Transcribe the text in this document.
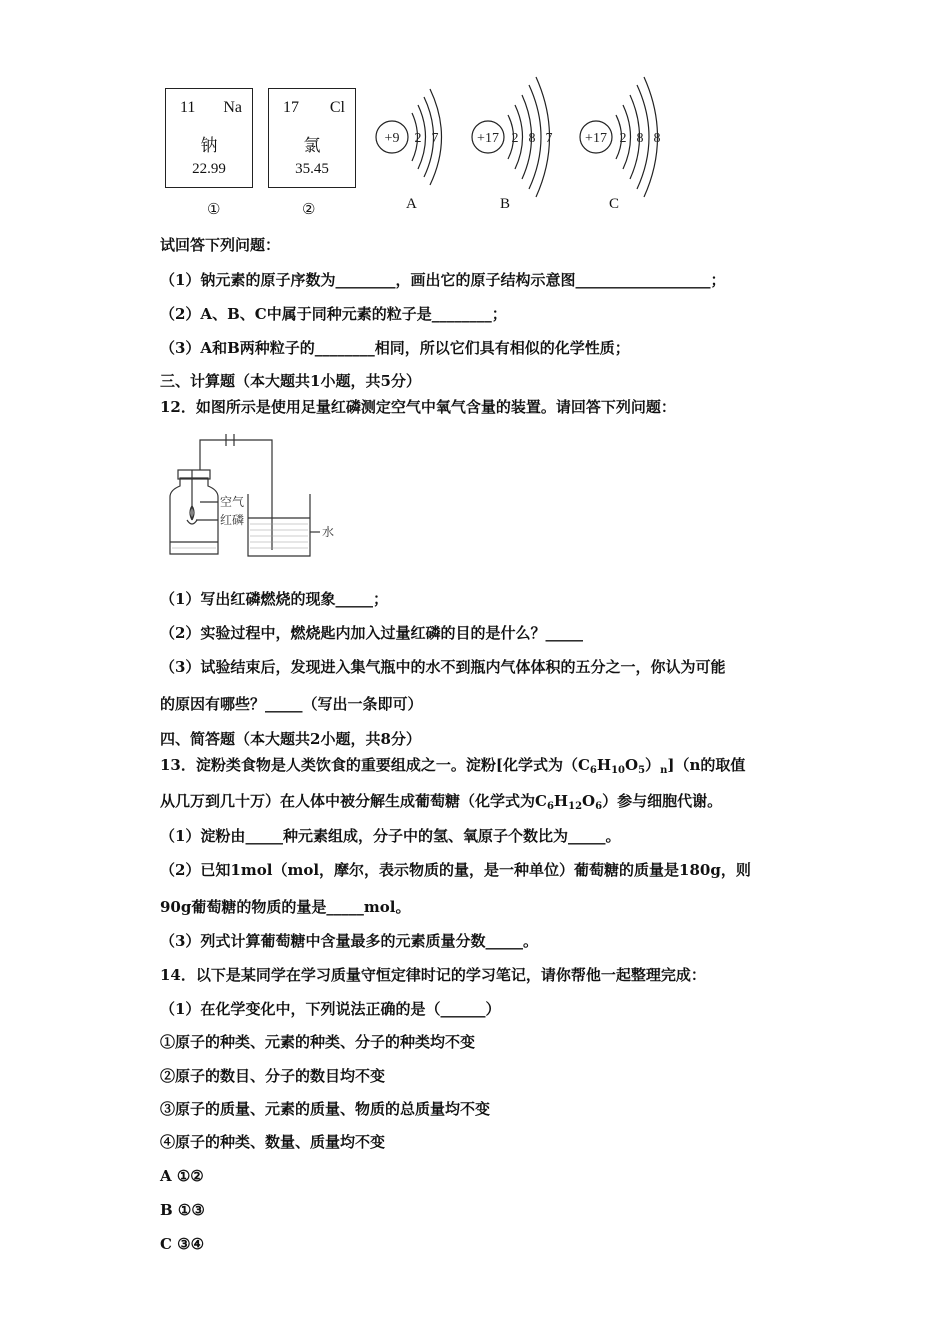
11 Na
钠
22.99
17 Cl
氯
35.45
①	②
+9 2 7	+17 2 8 7 +17 2 8 8
A	B	C
试回答下列问题：
（1）钠元素的原子序数为________，画出它的原子结构示意图__________________；
（2）A、B、C中属于同种元素的粒子是________；
（3）A和B两种粒子的________相同，所以它们具有相似的化学性质；
三、计算题（本大题共1小题，共5分）
12．如图所示是使用足量红磷测定空气中氧气含量的装置。请回答下列问题：
空气
红磷
水
（1）写出红磷燃烧的现象_____；
（2）实验过程中，燃烧匙内加入过量红磷的目的是什么？_____
（3）试验结束后，发现进入集气瓶中的水不到瓶内气体体积的五分之一，你认为可能
的原因有哪些？_____（写出一条即可）
四、简答题（本大题共2小题，共8分）
13．淀粉类食物是人类饮食的重要组成之一。淀粉[化学式为$(C_6H_{10}O_5)_n](n$的取值
从几万到几十万）在人体中被分解生成葡萄糖（化学式为$C_6H_{12}O_6$）参与细胞代谢。
（1）淀粉由_____种元素组成，分子中的氢、氧原子个数比为_____。
（2）已知1mol（mol，摩尔，表示物质的量，是一种单位）葡萄糖的质量是180g，则
90g葡萄糖的物质的量是_____mol。
（3）列式计算葡萄糖中含量最多的元素质量分数_____。
14．以下是某同学在学习质量守恒定律时记的学习笔记，请你帮他一起整理完成：
（1）在化学变化中，下列说法正确的是（______）
①原子的种类、元素的种类、分子的种类均不变
②原子的数目、分子的数目均不变
③原子的质量、元素的质量、物质的总质量均不变
④原子的种类、数量、质量均不变
A ①②
B ①③
C ③④
